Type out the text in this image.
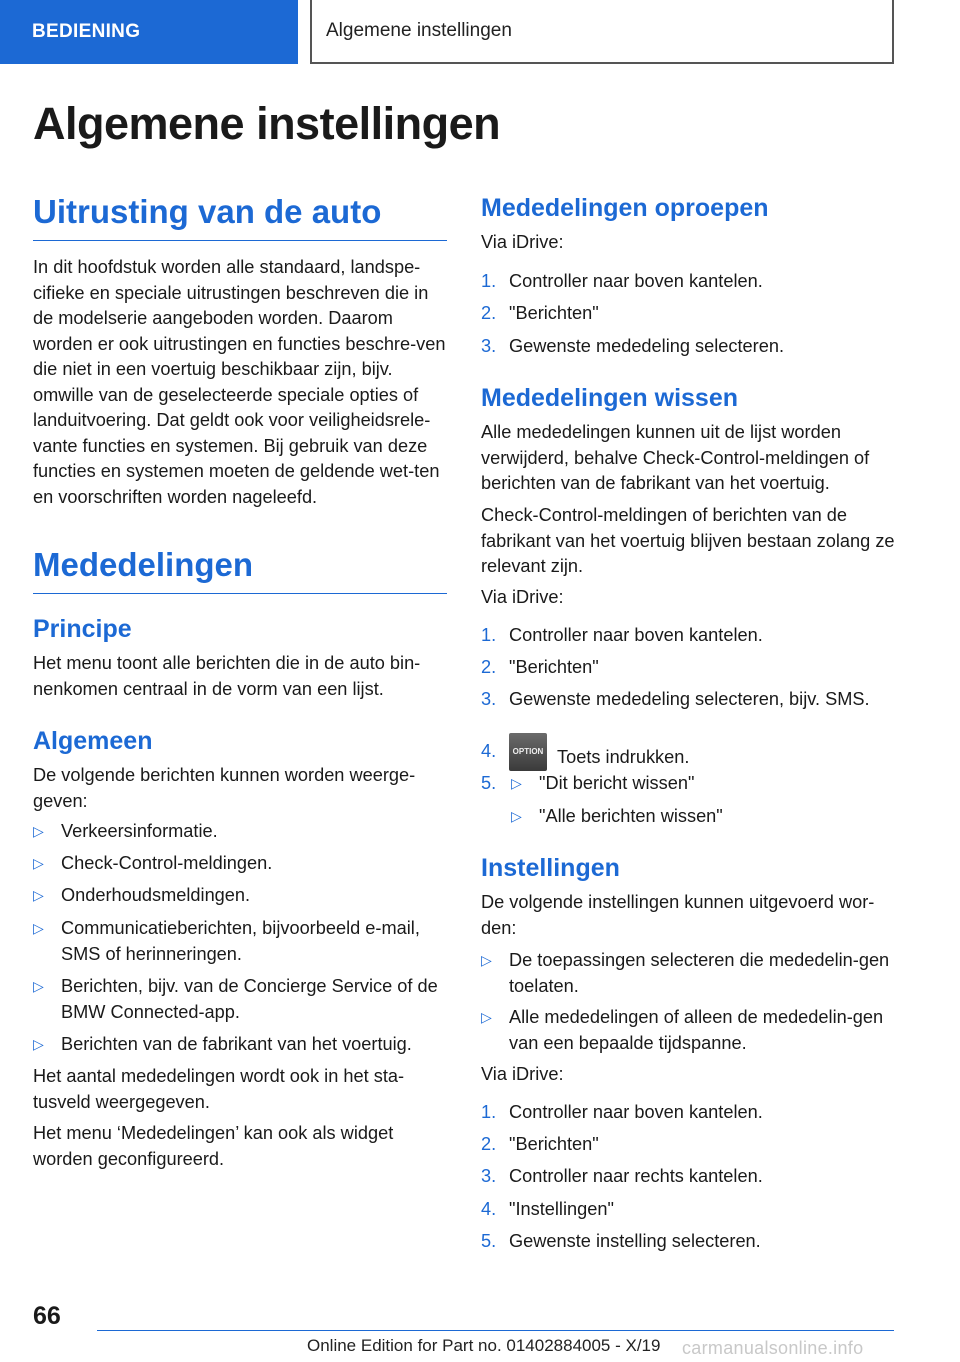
BEDIENING	Algemene instellingen
Algemene instellingen
Uitrusting van de auto

In dit hoofdstuk worden alle standaard, landspe-cifieke en speciale uitrustingen beschreven die in de modelserie aangeboden worden. Daarom worden er ook uitrustingen en functies beschre-ven die niet in een voertuig beschikbaar zijn, bijv. omwille van de geselecteerde speciale opties of landuitvoering. Dat geldt ook voor veiligheidsrele-vante functies en systemen. Bij gebruik van deze functies en systemen moeten de geldende wet-ten en voorschriften worden nageleefd.

Mededelingen
Principe

Het menu toont alle berichten die in de auto bin-nenkomen centraal in de vorm van een lijst.

Algemeen

De volgende berichten kunnen worden weerge-geven:

▷ Verkeersinformatie.
▷ Check-Control-meldingen.
▷ Onderhoudsmeldingen.
▷ Communicatieberichten, bijvoorbeeld e-mail, SMS of herinneringen.
▷ Berichten, bijv. van de Concierge Service of de BMW Connected-app.
▷ Berichten van de fabrikant van het voertuig.

Het aantal mededelingen wordt ook in het sta-tusveld weergegeven.

Het menu ‘Mededelingen’ kan ook als widget worden geconfigureerd.

Mededelingen oproepen

Via iDrive:

1. Controller naar boven kantelen.
2. "Berichten"
3. Gewenste mededeling selecteren.
Mededelingen wissen

Alle mededelingen kunnen uit de lijst worden verwijderd, behalve Check-Control-meldingen of berichten van de fabrikant van het voertuig.

Check-Control-meldingen of berichten van de fabrikant van het voertuig blijven bestaan zolang ze relevant zijn.

Via iDrive:

1. Controller naar boven kantelen.
2. "Berichten"
3. Gewenste mededeling selecteren, bijv. SMS.
4.	OPTION Toets indrukken.
5. ▷ "Dit bericht wissen"
▷ "Alle berichten wissen"
Instellingen

De volgende instellingen kunnen uitgevoerd wor-den:

▷ De toepassingen selecteren die mededelin-gen toelaten.
▷ Alle mededelingen of alleen de mededelin-gen van een bepaalde tijdspanne.

Via iDrive:

1. Controller naar boven kantelen.
2. "Berichten"
3. Controller naar rechts kantelen.
4. "Instellingen"
5. Gewenste instelling selecteren.
66
Online Edition for Part no. 01402884005 - X/19 carmanualsonline.info
